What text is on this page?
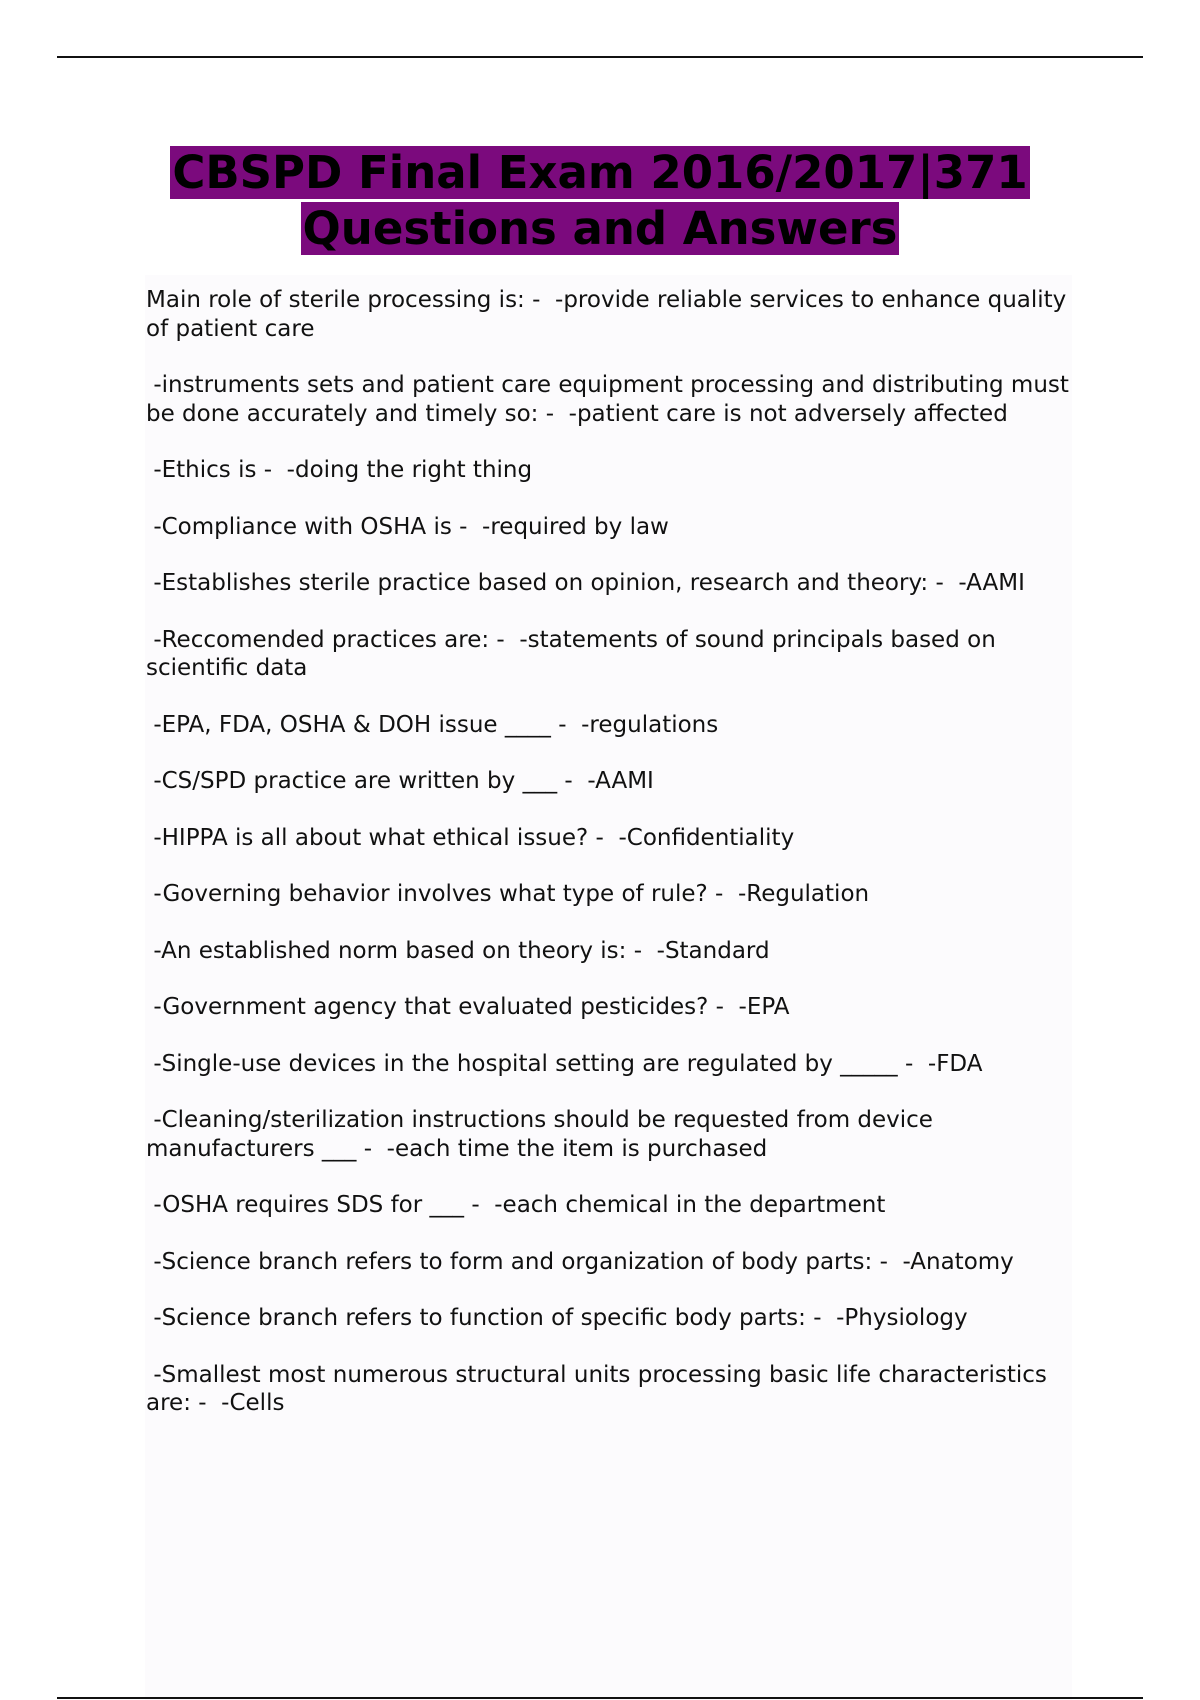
CBSPD Final Exam 2016/2017|371
Questions and Answers
Main role of sterile processing is: -  -provide reliable services to enhance quality of patient care
-instruments sets and patient care equipment processing and distributing must be done accurately and timely so: -  -patient care is not adversely affected
-Ethics is -  -doing the right thing
-Compliance with OSHA is -  -required by law
-Establishes sterile practice based on opinion, research and theory: -  -AAMI
-Reccomended practices are: -  -statements of sound principals based on scientific data
-EPA, FDA, OSHA & DOH issue ____ -  -regulations
-CS/SPD practice are written by ___ -  -AAMI
-HIPPA is all about what ethical issue? -  -Confidentiality
-Governing behavior involves what type of rule? -  -Regulation
-An established norm based on theory is: -  -Standard
-Government agency that evaluated pesticides? -  -EPA
-Single-use devices in the hospital setting are regulated by _____ -  -FDA
-Cleaning/sterilization instructions should be requested from device manufacturers ___ -  -each time the item is purchased
-OSHA requires SDS for ___ -  -each chemical in the department
-Science branch refers to form and organization of body parts: -  -Anatomy
-Science branch refers to function of specific body parts: -  -Physiology
-Smallest most numerous structural units processing basic life characteristics are: -  -Cells
